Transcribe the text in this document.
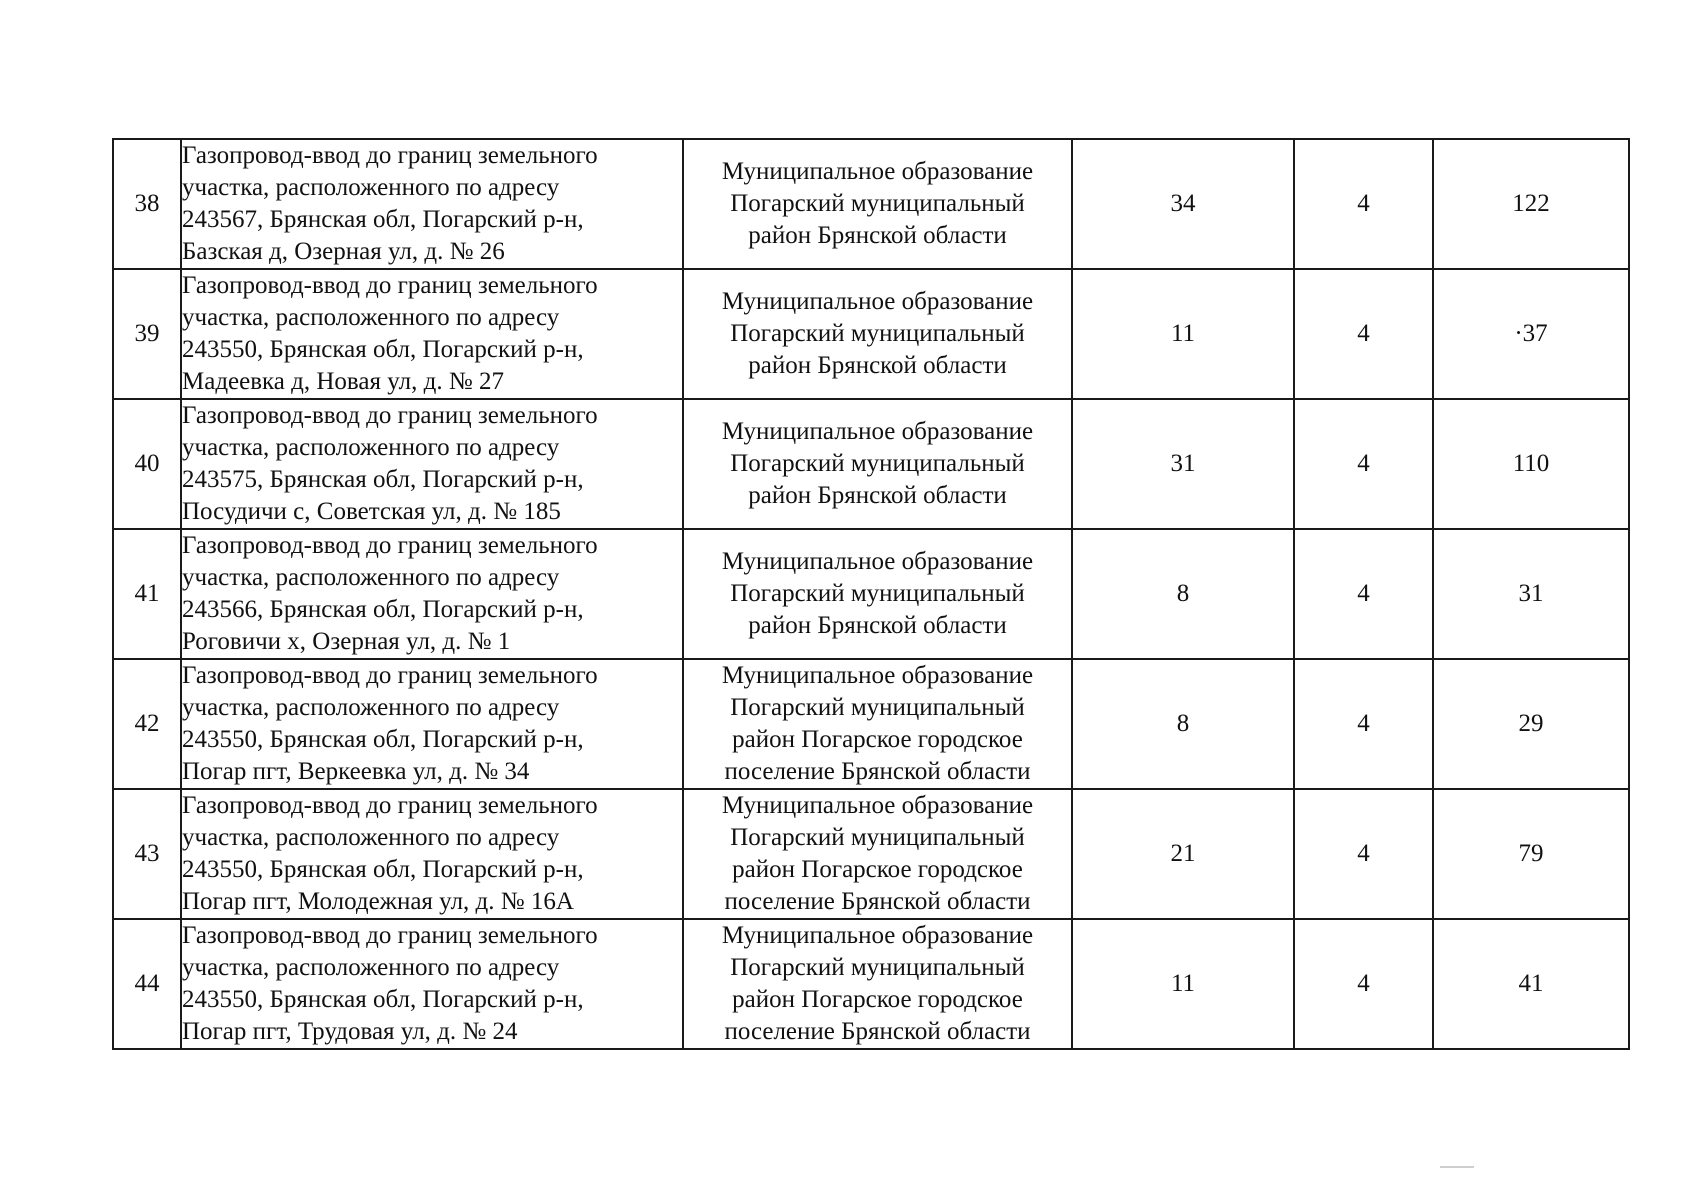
38	Газопровод-ввод до границ земельного
участка, расположенного по адресу
243567, Брянская обл, Погарский р-н,
Базская д, Озерная ул, д. № 26	Муниципальное образование
Погарский муниципальный
район Брянской области	34	4	122
39	Газопровод-ввод до границ земельного
участка, расположенного по адресу
243550, Брянская обл, Погарский р-н,
Мадеевка д, Новая ул, д. № 27	Муниципальное образование
Погарский муниципальный
район Брянской области	11	4	·37
40	Газопровод-ввод до границ земельного
участка, расположенного по адресу
243575, Брянская обл, Погарский р-н,
Посудичи с, Советская ул, д. № 185	Муниципальное образование
Погарский муниципальный
район Брянской области	31	4	110
41	Газопровод-ввод до границ земельного
участка, расположенного по адресу
243566, Брянская обл, Погарский р-н,
Роговичи х, Озерная ул, д. № 1	Муниципальное образование
Погарский муниципальный
район Брянской области	8	4	31
42	Газопровод-ввод до границ земельного
участка, расположенного по адресу
243550, Брянская обл, Погарский р-н,
Погар пгт, Веркеевка ул, д. № 34	Муниципальное образование
Погарский муниципальный
район Погарское городское
поселение Брянской области	8	4	29
43	Газопровод-ввод до границ земельного
участка, расположенного по адресу
243550, Брянская обл, Погарский р-н,
Погар пгт, Молодежная ул, д. № 16А	Муниципальное образование
Погарский муниципальный
район Погарское городское
поселение Брянской области	21	4	79
44	Газопровод-ввод до границ земельного
участка, расположенного по адресу
243550, Брянская обл, Погарский р-н,
Погар пгт, Трудовая ул, д. № 24	Муниципальное образование
Погарский муниципальный
район Погарское городское
поселение Брянской области	11	4	41
